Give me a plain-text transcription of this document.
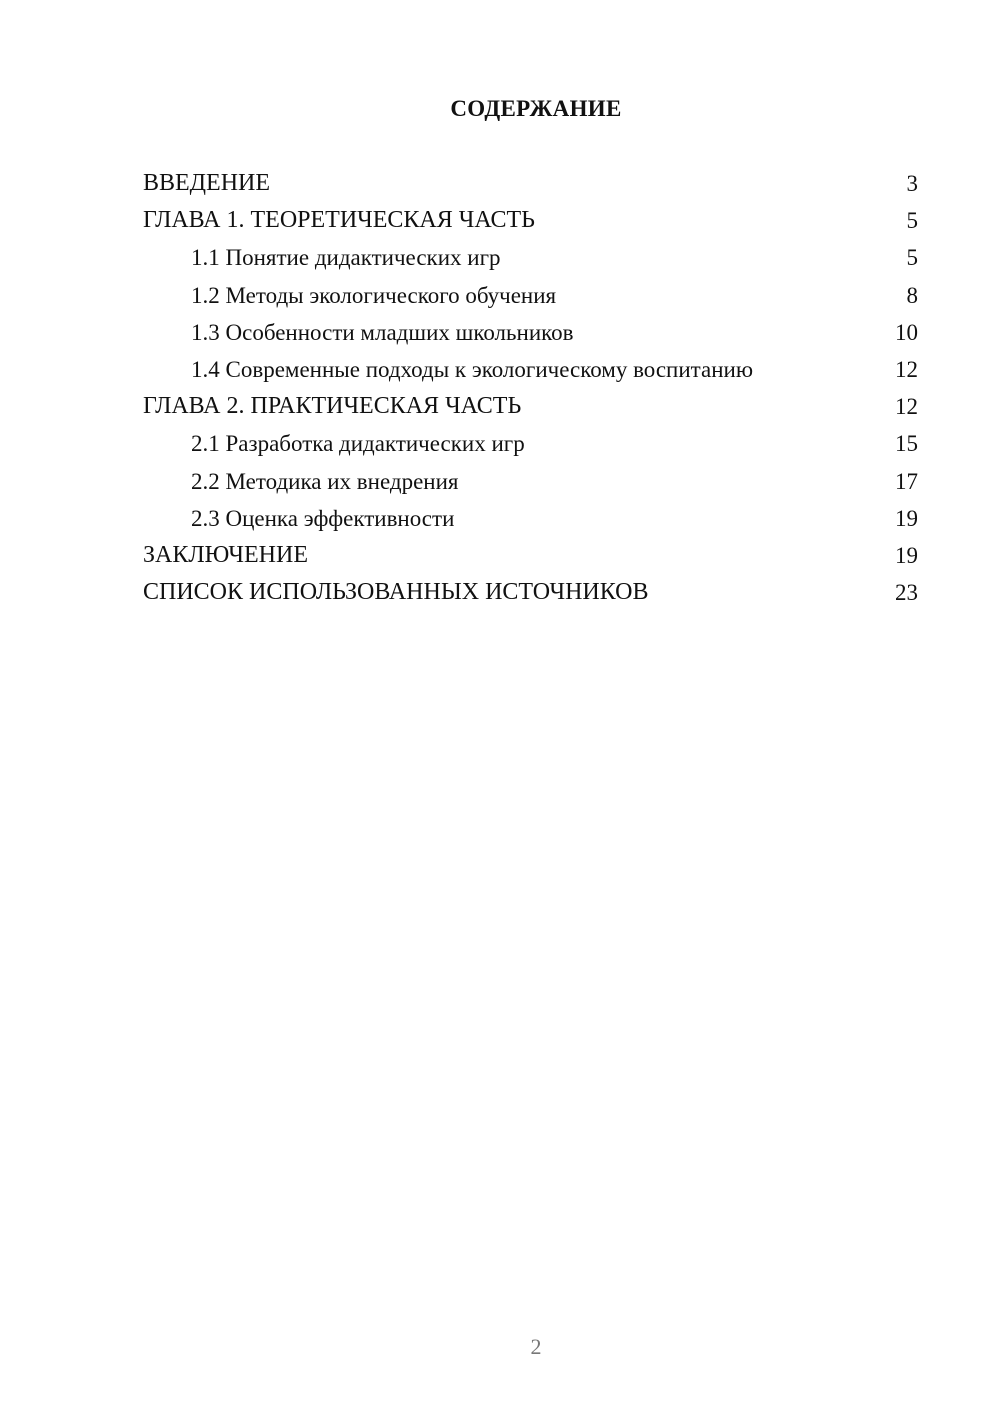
СОДЕРЖАНИЕ
ВВЕДЕНИЕ	3
ГЛАВА 1. ТЕОРЕТИЧЕСКАЯ ЧАСТЬ	5
1.1 Понятие дидактических игр	5
1.2 Методы экологического обучения	8
1.3 Особенности младших школьников	10
1.4 Современные подходы к экологическому воспитанию	12
ГЛАВА 2. ПРАКТИЧЕСКАЯ ЧАСТЬ	12
2.1 Разработка дидактических игр	15
2.2 Методика их внедрения	17
2.3 Оценка эффективности	19
ЗАКЛЮЧЕНИЕ	19
СПИСОК ИСПОЛЬЗОВАННЫХ ИСТОЧНИКОВ	23
2
